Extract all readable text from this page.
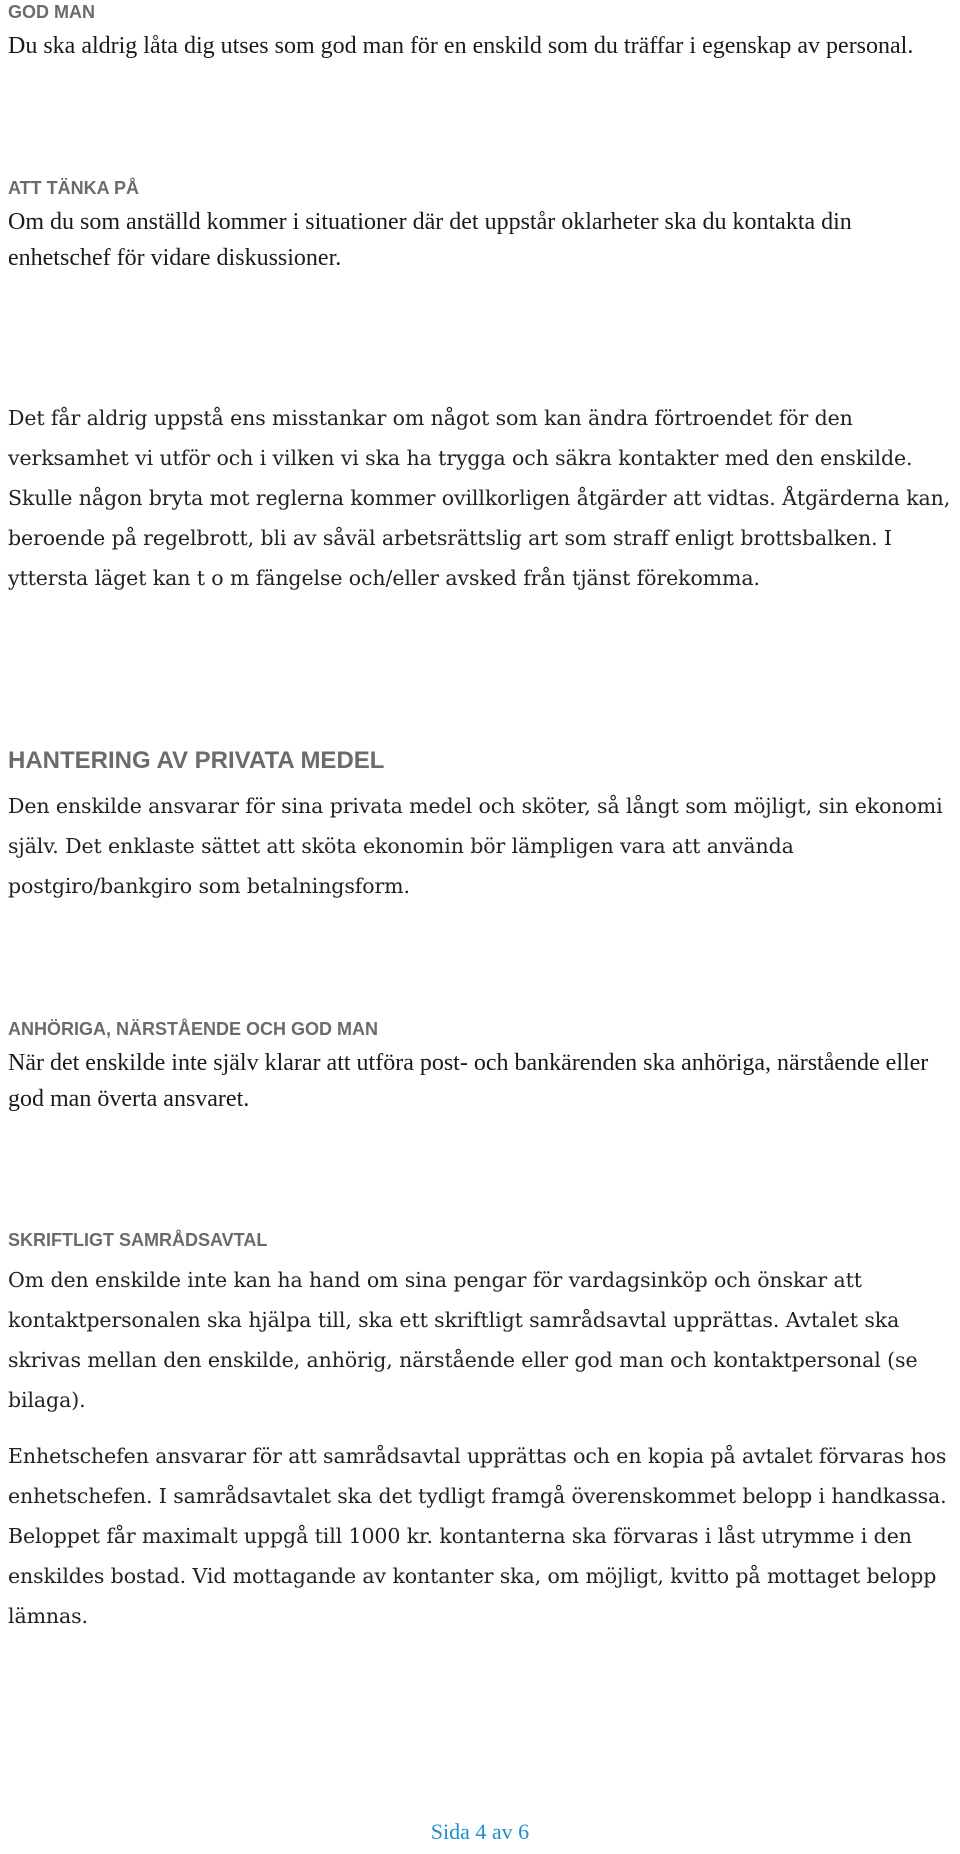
GOD MAN

Du ska aldrig låta dig utses som god man för en enskild som du träffar i egenskap av personal.

ATT TÄNKA PÅ

Om du som anställd kommer i situationer där det uppstår oklarheter ska du kontakta din enhetschef för vidare diskussioner.

Det får aldrig uppstå ens misstankar om något som kan ändra förtroendet för den verksamhet vi utför och i vilken vi ska ha trygga och säkra kontakter med den enskilde. Skulle någon bryta mot reglerna kommer ovillkorligen åtgärder att vidtas. Åtgärderna kan, beroende på regelbrott, bli av såväl arbetsrättslig art som straff enligt brottsbalken. I yttersta läget kan t o m fängelse och/eller avsked från tjänst förekomma.

HANTERING AV PRIVATA MEDEL

Den enskilde ansvarar för sina privata medel och sköter, så långt som möjligt, sin ekonomi själv. Det enklaste sättet att sköta ekonomin bör lämpligen vara att använda postgiro/bankgiro som betalningsform.

ANHÖRIGA, NÄRSTÅENDE OCH GOD MAN

När det enskilde inte själv klarar att utföra post- och bankärenden ska anhöriga, närstående eller god man överta ansvaret.

SKRIFTLIGT SAMRÅDSAVTAL

Om den enskilde inte kan ha hand om sina pengar för vardagsinköp och önskar att kontaktpersonalen ska hjälpa till, ska ett skriftligt samrådsavtal upprättas. Avtalet ska skrivas mellan den enskilde, anhörig, närstående eller god man och kontaktpersonal (se bilaga).

Enhetschefen ansvarar för att samrådsavtal upprättas och en kopia på avtalet förvaras hos enhetschefen. I samrådsavtalet ska det tydligt framgå överenskommet belopp i handkassa. Beloppet får maximalt uppgå till 1000 kr. kontanterna ska förvaras i låst utrymme i den enskildes bostad. Vid mottagande av kontanter ska, om möjligt, kvitto på mottaget belopp lämnas.

Sida 4 av 6
